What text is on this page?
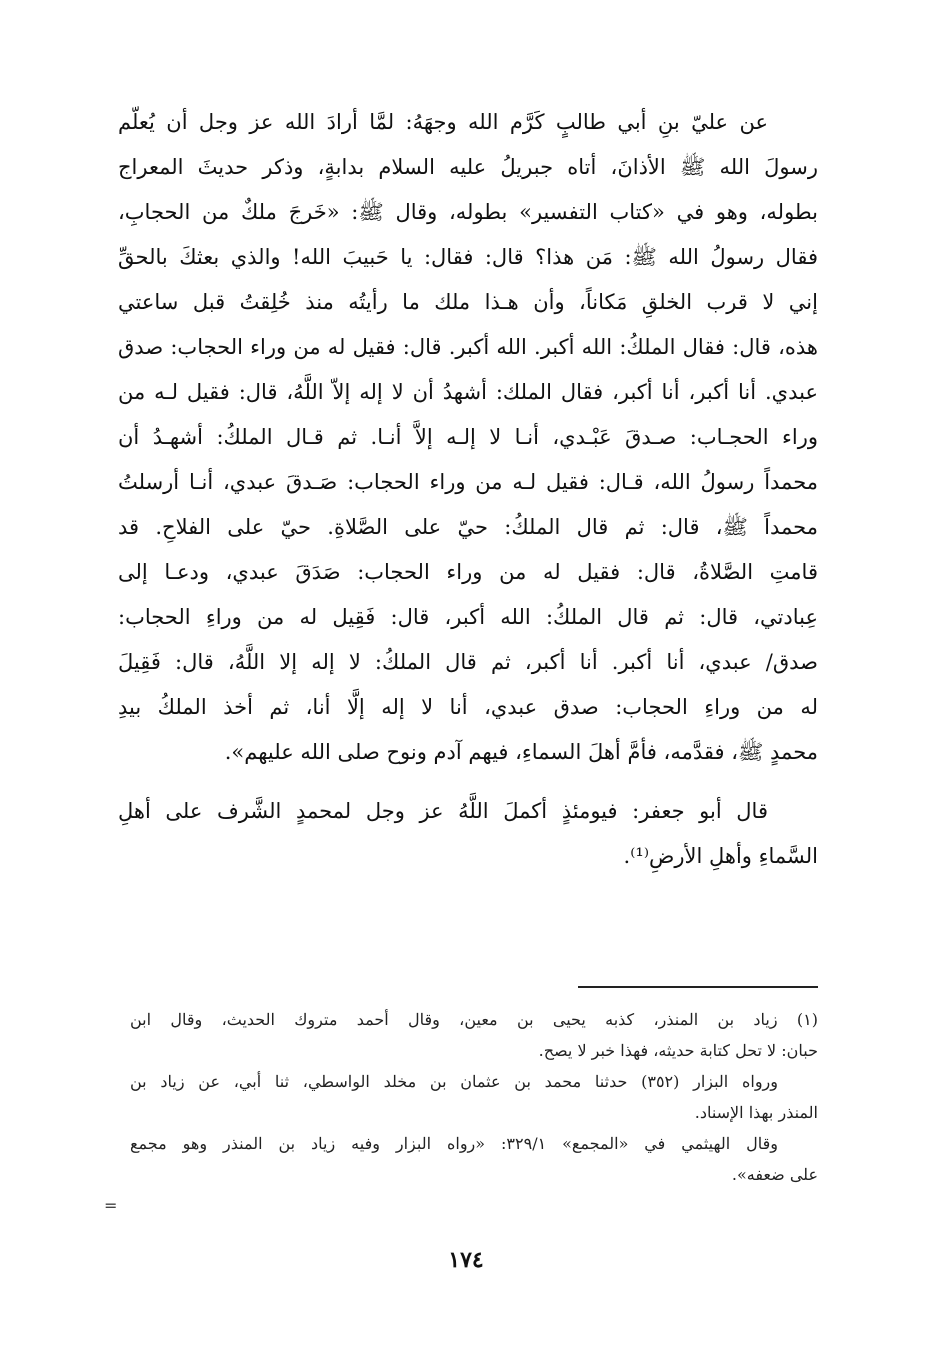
عن عليّ بنِ أبي طالبٍ كَرَّم الله وجهَهُ: لمَّا أرادَ الله عز وجل أن يُعلّم
رسولَ الله ﷺ الأذانَ، أتاه جبريلُ عليه السلام بدابةٍ، وذكر حديثَ المعراج
بطوله، وهو في «كتاب التفسير» بطوله، وقال ﷺ: «خَرجَ ملكٌ من الحجابِ،
فقال رسولُ الله ﷺ: مَن هذا؟ قال: فقال: يا حَبيبَ الله! والذي بعثكَ بالحقِّ
إني لا قرب الخلقِ مَكاناً، وأن هـذا ملك ما رأيتُه منذ خُلِقتُ قبل ساعتي
هذه، قال: فقال الملكُ: الله أكبر. الله أكبر. قال: فقيل له من وراء الحجاب: صدق
عبدي. أنا أكبر، أنا أكبر، فقال الملك: أشهدُ أن لا إله إلاّ اللَّهُ، قال: فقيل لـه من
وراء الحجـاب: صـدقَ عَبْـدي، أنـا لا إلـه إلاَّ أنـا. ثم قـال الملكُ: أشهـدُ أن
محمداً رسولُ الله، قـال: فقيل لـه من وراء الحجاب: صَـدقَ عبدي، أنـا أرسلتُ
محمداً ﷺ، قال: ثم قال الملكُ: حيّ على الصَّلاةِ. حيّ على الفلاحِ. قد
قامتِ الصَّلاةُ، قال: فقيل له من وراء الحجاب: صَدَقَ عبدي، ودعـا إلى
عِبادتي، قال: ثم قال الملكُ: الله أكبر، قال: فَقِيل له من وراءِ الحجاب:
صدق/ عبدي، أنا أكبر. أنا أكبر، ثم قال الملكُ: لا إله إلا اللَّهُ، قال: فَقِيلَ
له من وراءِ الحجاب: صدق عبدي، أنا لا إله إلَّا أنا، ثم أخذ الملكُ بيدِ
محمدٍ ﷺ، فقدَّمه، فأمَّ أهلَ السماءِ، فيهم آدم ونوح صلى الله عليهم».
قال أبو جعفر: فيومئذٍ أكملَ اللَّهُ عز وجل لمحمدٍ الشَّرف على أهلِ
السَّماءِ وأهلِ الأرضِ⁽¹⁾.
(١) زياد بن المنذر، كذبه يحيى بن معين، وقال أحمد متروك الحديث، وقال ابن
حبان: لا تحل كتابة حديثه، فهذا خبر لا يصح.
ورواه البزار (٣٥٢) حدثنا محمد بن عثمان بن مخلد الواسطي، ثنا أبي، عن زياد بن
المنذر بهذا الإسناد.
وقال الهيثمي في «المجمع» ٣٢٩/١: «رواه البزار وفيه زياد بن المنذر وهو مجمع
على ضعفه».
=
١٧٤
